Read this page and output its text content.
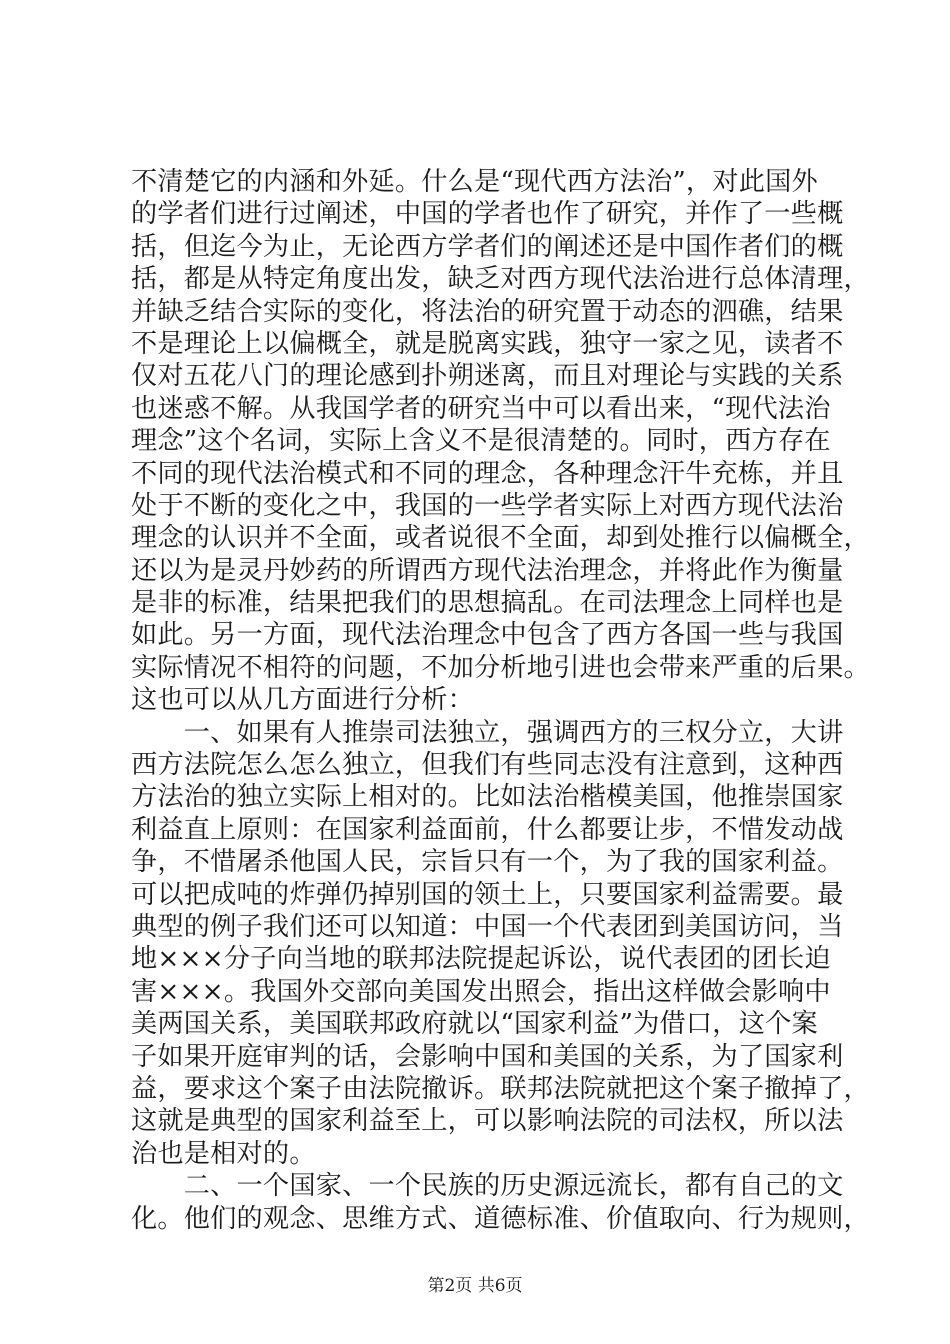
不清楚它的内涵和外延。什么是“现代西方法治”，对此国外
的学者们进行过阐述，中国的学者也作了研究，并作了一些概
括，但迄今为止，无论西方学者们的阐述还是中国作者们的概
括，都是从特定角度出发，缺乏对西方现代法治进行总体清理，
并缺乏结合实际的变化，将法治的研究置于动态的泗礁，结果
不是理论上以偏概全，就是脱离实践，独守一家之见，读者不
仅对五花八门的理论感到扑朔迷离，而且对理论与实践的关系
也迷惑不解。从我国学者的研究当中可以看出来，“现代法治
理念”这个名词，实际上含义不是很清楚的。同时，西方存在
不同的现代法治模式和不同的理念，各种理念汗牛充栋，并且
处于不断的变化之中，我国的一些学者实际上对西方现代法治
理念的认识并不全面，或者说很不全面，却到处推行以偏概全，
还以为是灵丹妙药的所谓西方现代法治理念，并将此作为衡量
是非的标准，结果把我们的思想搞乱。在司法理念上同样也是
如此。另一方面，现代法治理念中包含了西方各国一些与我国
实际情况不相符的问题，不加分析地引进也会带来严重的后果。
这也可以从几方面进行分析：
　　一、如果有人推崇司法独立，强调西方的三权分立，大讲
西方法院怎么怎么独立，但我们有些同志没有注意到，这种西
方法治的独立实际上相对的。比如法治楷模美国，他推崇国家
利益直上原则：在国家利益面前，什么都要让步，不惜发动战
争，不惜屠杀他国人民，宗旨只有一个，为了我的国家利益。
可以把成吨的炸弹仍掉别国的领土上，只要国家利益需要。最
典型的例子我们还可以知道：中国一个代表团到美国访问，当
地×××分子向当地的联邦法院提起诉讼，说代表团的团长迫
害×××。我国外交部向美国发出照会，指出这样做会影响中
美两国关系，美国联邦政府就以“国家利益”为借口，这个案
子如果开庭审判的话，会影响中国和美国的关系，为了国家利
益，要求这个案子由法院撤诉。联邦法院就把这个案子撤掉了，
这就是典型的国家利益至上，可以影响法院的司法权，所以法
治也是相对的。
　　二、一个国家、一个民族的历史源远流长，都有自己的文
化。他们的观念、思维方式、道德标准、价值取向、行为规则，
第2页 共6页
